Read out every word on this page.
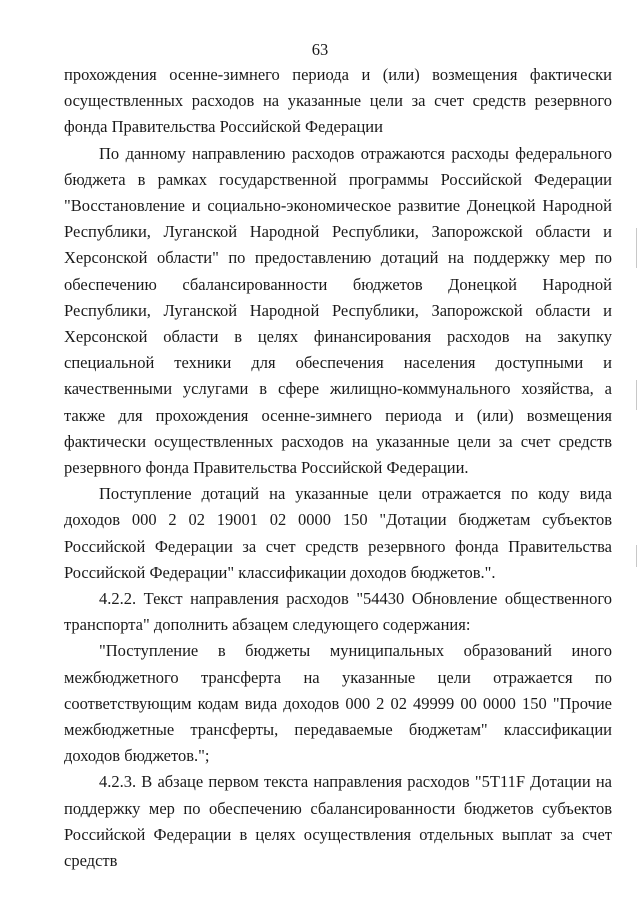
63

прохождения осенне-зимнего периода и (или) возмещения фактически осуществленных расходов на указанные цели за счет средств резервного фонда Правительства Российской Федерации

По данному направлению расходов отражаются расходы федерального бюджета в рамках государственной программы Российской Федерации "Восстановление и социально-экономическое развитие Донецкой Народной Республики, Луганской Народной Республики, Запорожской области и Херсонской области" по предоставлению дотаций на поддержку мер по обеспечению сбалансированности бюджетов Донецкой Народной Республики, Луганской Народной Республики, Запорожской области и Херсонской области в целях финансирования расходов на закупку специальной техники для обеспечения населения доступными и качественными услугами в сфере жилищно-коммунального хозяйства, а также для прохождения осенне-зимнего периода и (или) возмещения фактически осуществленных расходов на указанные цели за счет средств резервного фонда Правительства Российской Федерации.

Поступление дотаций на указанные цели отражается по коду вида доходов 000 2 02 19001 02 0000 150 "Дотации бюджетам субъектов Российской Федерации за счет средств резервного фонда Правительства Российской Федерации" классификации доходов бюджетов.".

4.2.2. Текст направления расходов "54430 Обновление общественного транспорта" дополнить абзацем следующего содержания:

"Поступление в бюджеты муниципальных образований иного межбюджетного трансферта на указанные цели отражается по соответствующим кодам вида доходов 000 2 02 49999 00 0000 150 "Прочие межбюджетные трансферты, передаваемые бюджетам" классификации доходов бюджетов.";

4.2.3. В абзаце первом текста направления расходов "5Т11F Дотации на поддержку мер по обеспечению сбалансированности бюджетов субъектов Российской Федерации в целях осуществления отдельных выплат за счет средств
